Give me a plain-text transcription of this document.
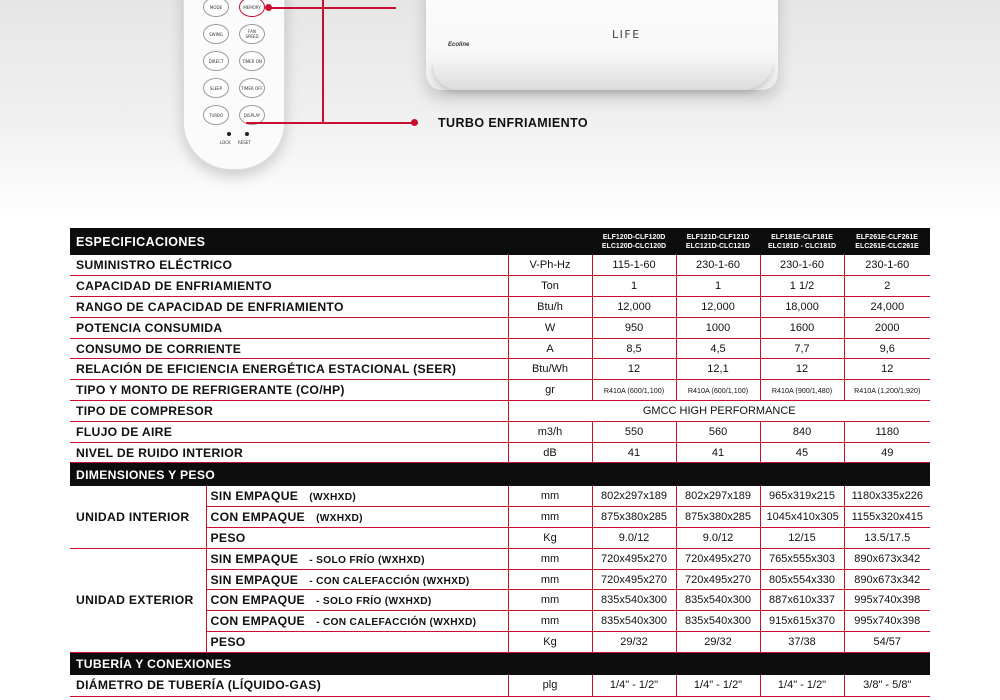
MODE	MEMORY
SWING	FAN SPEED
DIRECT	TIMER ON
SLEEP	TIMER OFF
TURBO	DISPLAY
LOCK RESET
TURBO ENFRIAMIENTO
Ecoline
LIFE
ESPECIFICACIONES			ELF120D-CLF120D ELC120D-CLC120D	ELF121D-CLF121D ELC121D-CLC121D	ELF181E-CLF181E ELC181D - CLC181D	ELF261E-CLF261E ELC261E-CLC261E
SUMINISTRO ELÉCTRICO		V-Ph-Hz	115-1-60	230-1-60	230-1-60	230-1-60
CAPACIDAD DE ENFRIAMIENTO		Ton	1	1	1 1/2	2
RANGO DE CAPACIDAD DE ENFRIAMIENTO		Btu/h	12,000	12,000	18,000	24,000
POTENCIA CONSUMIDA		W	950	1000	1600	2000
CONSUMO DE CORRIENTE		A	8,5	4,5	7,7	9,6
RELACIÓN DE EFICIENCIA ENERGÉTICA ESTACIONAL (SEER)		Btu/Wh	12	12,1	12	12
TIPO Y MONTO DE REFRIGERANTE (CO/HP)		gr	R410A (600/1,100)	R410A (600/1,100)	R410A (900/1,480)	R410A (1,200/1,920)
TIPO DE COMPRESOR		GMCC HIGH PERFORMANCE				
FLUJO DE AIRE		m3/h	550	560	840	1180
NIVEL DE RUIDO INTERIOR		dB	41	41	45	49
DIMENSIONES Y PESO						
UNIDAD INTERIOR	SIN EMPAQUE (WXHXD)	mm	802x297x189	802x297x189	965x319x215	1180x335x226
	CON EMPAQUE (WXHXD)	mm	875x380x285	875x380x285	1045x410x305	1155x320x415
	PESO	Kg	9.0/12	9.0/12	12/15	13.5/17.5
UNIDAD EXTERIOR	SIN EMPAQUE - SOLO FRÍO (WXHXD)	mm	720x495x270	720x495x270	765x555x303	890x673x342
	SIN EMPAQUE - CON CALEFACCIÓN (WXHXD)	mm	720x495x270	720x495x270	805x554x330	890x673x342
	CON EMPAQUE - SOLO FRÍO (WXHXD)	mm	835x540x300	835x540x300	887x610x337	995x740x398
	CON EMPAQUE - CON CALEFACCIÓN (WXHXD)	mm	835x540x300	835x540x300	915x615x370	995x740x398
	PESO	Kg	29/32	29/32	37/38	54/57
TUBERÍA Y CONEXIONES						
DIÁMETRO DE TUBERÍA (LÍQUIDO-GAS)		plg	1/4" - 1/2"	1/4" - 1/2"	1/4" - 1/2"	3/8" - 5/8"
